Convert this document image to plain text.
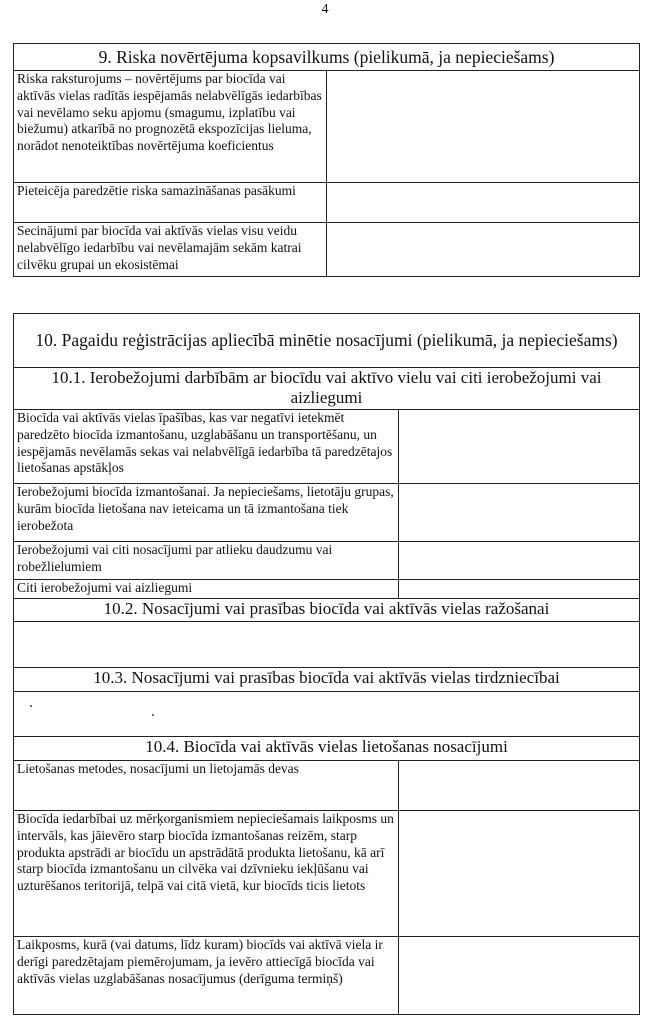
4
9. Riska novērtējuma kopsavilkums (pielikumā, ja nepieciešams)	
Riska raksturojums – novērtējums par biocīda vai aktīvās vielas radītās iespējamās nelabvēlīgās iedarbības vai nevēlamo seku apjomu (smagumu, izplatību vai biežumu) atkarībā no prognozētā ekspozīcijas lieluma, norādot nenoteiktības novērtējuma koeficientus	
Pieteicēja paredzētie riska samazināšanas pasākumi	
Secinājumi par biocīda vai aktīvās vielas visu veidu nelabvēlīgo iedarbību vai nevēlamajām sekām katrai cilvēku grupai un ekosistēmai	
10. Pagaidu reģistrācijas apliecībā minētie nosacījumi (pielikumā, ja nepieciešams)	
10.1. Ierobežojumi darbībām ar biocīdu vai aktīvo vielu vai citi ierobežojumi vai aizliegumi	
Biocīda vai aktīvās vielas īpašības, kas var negatīvi ietekmēt paredzēto biocīda izmantošanu, uzglabāšanu un transportēšanu, un iespējamās nevēlamās sekas vai nelabvēlīgā iedarbība tā paredzētajos lietošanas apstākļos	
Ierobežojumi biocīda izmantošanai. Ja nepieciešams, lietotāju grupas, kurām biocīda lietošana nav ieteicama un tā izmantošana tiek ierobežota	
Ierobežojumi vai citi nosacījumi par atlieku daudzumu vai robežlielumiem	
Citi ierobežojumi vai aizliegumi	
10.2. Nosacījumi vai prasības biocīda vai aktīvās vielas ražošanai	

10.3. Nosacījumi vai prasības biocīda vai aktīvās vielas tirdzniecībai	

10.4. Biocīda vai aktīvās vielas lietošanas nosacījumi	
Lietošanas metodes, nosacījumi un lietojamās devas	
Biocīda iedarbībai uz mērķorganismiem nepieciešamais laikposms un intervāls, kas jāievēro starp biocīda izmantošanas reizēm, starp produkta apstrādi ar biocīdu un apstrādātā produkta lietošanu, kā arī starp biocīda izmantošanu un cilvēka vai dzīvnieku iekļūšanu vai uzturēšanos teritorijā, telpā vai citā vietā, kur biocīds ticis lietots	
Laikposms, kurā (vai datums, līdz kuram) biocīds vai aktīvā viela ir derīgi paredzētajam piemērojumam, ja ievēro attiecīgā biocīda vai aktīvās vielas uzglabāšanas nosacījumus (derīguma termiņš)	
